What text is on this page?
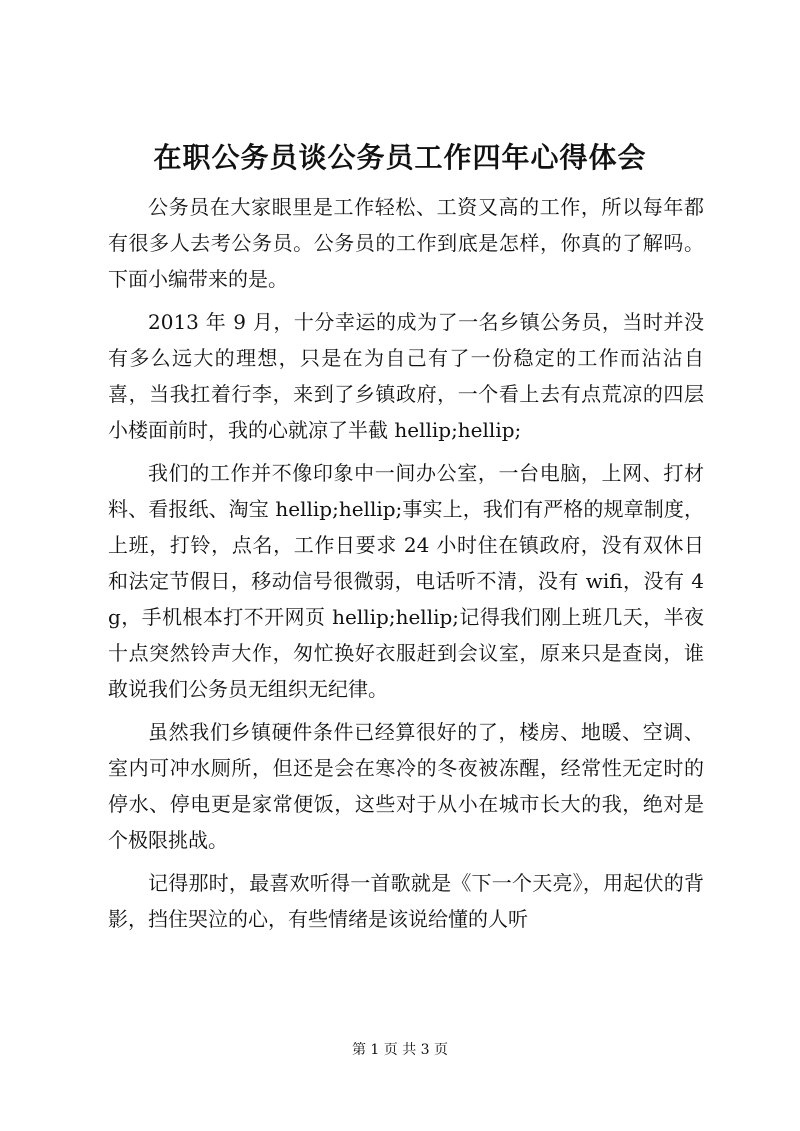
在职公务员谈公务员工作四年心得体会

公务员在大家眼里是工作轻松、工资又高的工作，所以每年都有很多人去考公务员。公务员的工作到底是怎样，你真的了解吗。下面小编带来的是。

2013 年 9 月，十分幸运的成为了一名乡镇公务员，当时并没有多么远大的理想，只是在为自己有了一份稳定的工作而沾沾自喜，当我扛着行李，来到了乡镇政府，一个看上去有点荒凉的四层小楼面前时，我的心就凉了半截 hellip;hellip;

我们的工作并不像印象中一间办公室，一台电脑，上网、打材料、看报纸、淘宝 hellip;hellip;事实上，我们有严格的规章制度，上班，打铃，点名，工作日要求 24 小时住在镇政府，没有双休日和法定节假日，移动信号很微弱，电话听不清，没有 wifi，没有 4g，手机根本打不开网页 hellip;hellip;记得我们刚上班几天，半夜十点突然铃声大作，匆忙换好衣服赶到会议室，原来只是查岗，谁敢说我们公务员无组织无纪律。

虽然我们乡镇硬件条件已经算很好的了，楼房、地暖、空调、室内可冲水厕所，但还是会在寒冷的冬夜被冻醒，经常性无定时的停水、停电更是家常便饭，这些对于从小在城市长大的我，绝对是个极限挑战。

记得那时，最喜欢听得一首歌就是《下一个天亮》，用起伏的背影，挡住哭泣的心，有些情绪是该说给懂的人听

第 1 页 共 3 页
